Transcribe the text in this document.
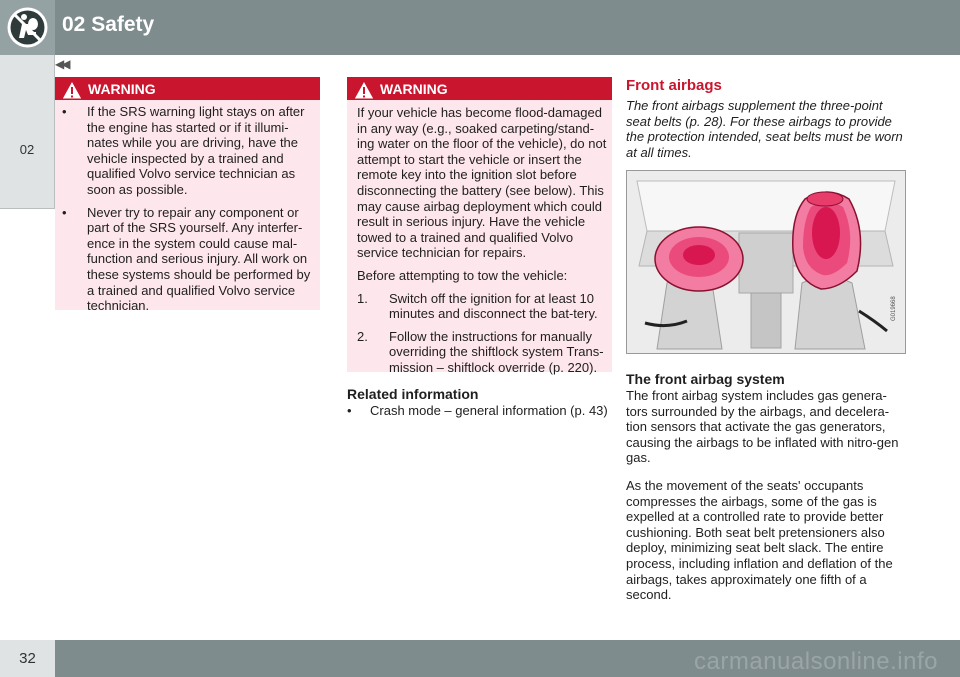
02 Safety
02
◀◀
WARNING
• If the SRS warning light stays on after the engine has started or if it illumi-nates while you are driving, have the vehicle inspected by a trained and qualified Volvo service technician as soon as possible.
• Never try to repair any component or part of the SRS yourself. Any interfer-ence in the system could cause mal-function and serious injury. All work on these systems should be performed by a trained and qualified Volvo service technician.
WARNING

If your vehicle has become flood-damaged in any way (e.g., soaked carpeting/stand-ing water on the floor of the vehicle), do not attempt to start the vehicle or insert the remote key into the ignition slot before disconnecting the battery (see below). This may cause airbag deployment which could result in serious injury. Have the vehicle towed to a trained and qualified Volvo service technician for repairs.

Before attempting to tow the vehicle:

1. Switch off the ignition for at least 10 minutes and disconnect the bat-tery.
2. Follow the instructions for manually overriding the shiftlock system Trans-mission – shiftlock override (p. 220).

Related information

• Crash mode – general information (p. 43)

Front airbags

The front airbags supplement the three-point seat belts (p. 28). For these airbags to provide the protection intended, seat belts must be worn at all times.

G019668

The front airbag system

The front airbag system includes gas genera-tors surrounded by the airbags, and decelera-tion sensors that activate the gas generators, causing the airbags to be inflated with nitro-gen gas.

As the movement of the seats' occupants compresses the airbags, some of the gas is expelled at a controlled rate to provide better cushioning. Both seat belt pretensioners also deploy, minimizing seat belt slack. The entire process, including inflation and deflation of the airbags, takes approximately one fifth of a second.

32	carmanualsonline.info
